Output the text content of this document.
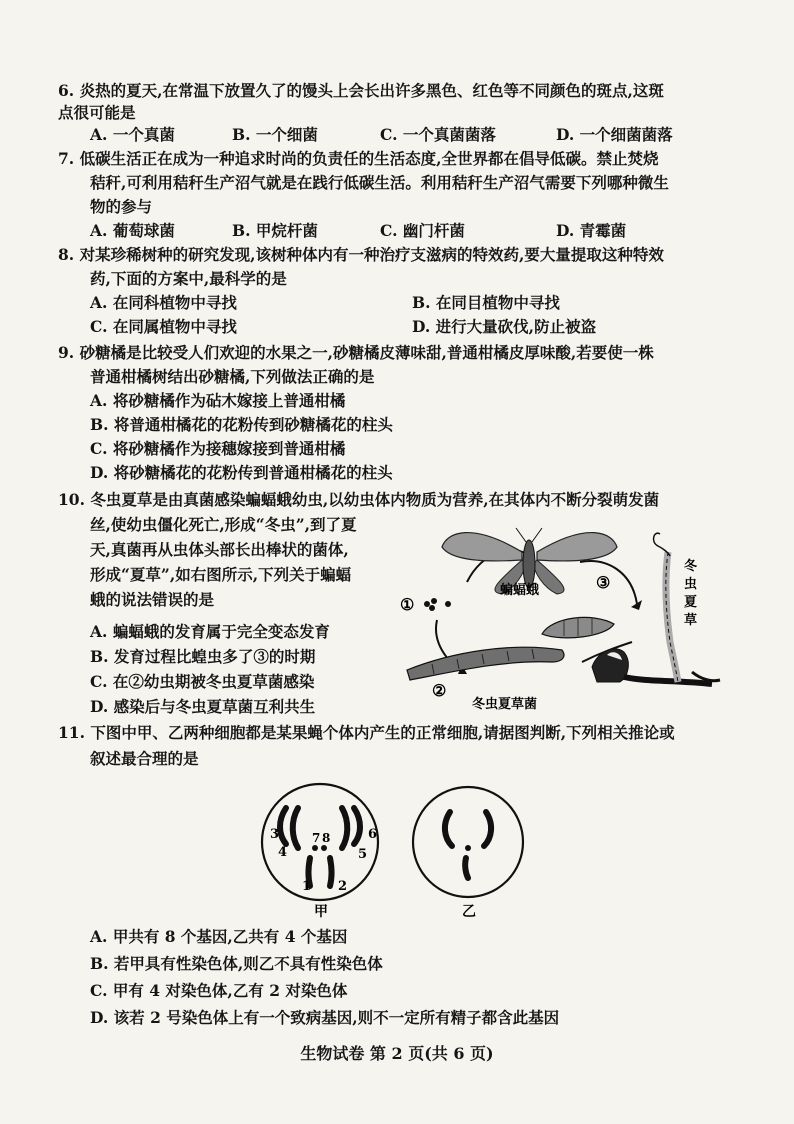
6. 炎热的夏天,在常温下放置久了的馒头上会长出许多黑色、红色等不同颜色的斑点,这斑
点很可能是
A. 一个真菌	B. 一个细菌	C. 一个真菌菌落	D. 一个细菌菌落
7. 低碳生活正在成为一种追求时尚的负责任的生活态度,全世界都在倡导低碳。禁止焚烧
秸秆,可利用秸秆生产沼气就是在践行低碳生活。利用秸秆生产沼气需要下列哪种微生
物的参与
A. 葡萄球菌	B. 甲烷杆菌	C. 幽门杆菌	D. 青霉菌
8. 对某珍稀树种的研究发现,该树种体内有一种治疗支滋病的特效药,要大量提取这种特效
药,下面的方案中,最科学的是
A. 在同科植物中寻找	B. 在同目植物中寻找
C. 在同属植物中寻找	D. 进行大量砍伐,防止被盗
9. 砂糖橘是比较受人们欢迎的水果之一,砂糖橘皮薄味甜,普通柑橘皮厚味酸,若要使一株
普通柑橘树结出砂糖橘,下列做法正确的是
A. 将砂糖橘作为砧木嫁接上普通柑橘
B. 将普通柑橘花的花粉传到砂糖橘花的柱头
C. 将砂糖橘作为接穗嫁接到普通柑橘
D. 将砂糖橘花的花粉传到普通柑橘花的柱头
10. 冬虫夏草是由真菌感染蝙蝠蛾幼虫,以幼虫体内物质为营养,在其体内不断分裂萌发菌
丝,使幼虫僵化死亡,形成“冬虫”,到了夏
天,真菌再从虫体头部长出棒状的菌体,
形成“夏草”,如右图所示,下列关于蝙蝠
蛾的说法错误的是
A. 蝙蝠蛾的发育属于完全变态发育
B. 发育过程比蝗虫多了③的时期
C. 在②幼虫期被冬虫夏草菌感染
D. 感染后与冬虫夏草菌互利共生
蝙蝠蛾
①
③
②
冬虫夏草菌
冬
虫
夏
草
11. 下图中甲、乙两种细胞都是某果蝇个体内产生的正常细胞,请据图判断,下列相关推论或
叙述最合理的是
3
4	5
6
7 8
1 2
甲	乙
A. 甲共有 8 个基因,乙共有 4 个基因
B. 若甲具有性染色体,则乙不具有性染色体
C. 甲有 4 对染色体,乙有 2 对染色体
D. 该若 2 号染色体上有一个致病基因,则不一定所有精子都含此基因
生物试卷 第 2 页(共 6 页)
